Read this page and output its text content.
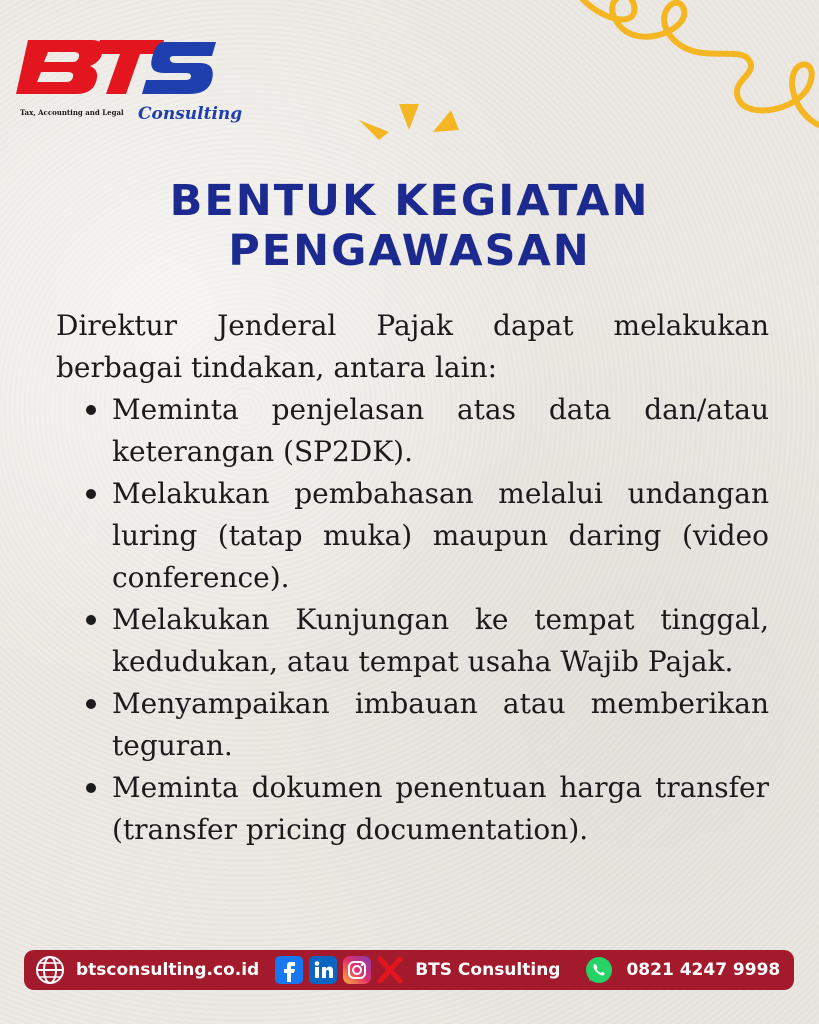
Tax, Accounting and Legal Consulting
BENTUK KEGIATAN
PENGAWASAN

Direktur Jenderal Pajak dapat melakukan berbagai tindakan, antara lain:

Meminta penjelasan atas data dan/atau keterangan (SP2DK).
Melakukan pembahasan melalui undangan luring (tatap muka) maupun daring (video conference).
Melakukan Kunjungan ke tempat tinggal, kedudukan, atau tempat usaha Wajib Pajak.
Menyampaikan imbauan atau memberikan teguran.
Meminta dokumen penentuan harga transfer (transfer pricing documentation).
btsconsulting.co.id	BTS Consulting	0821 4247 9998
